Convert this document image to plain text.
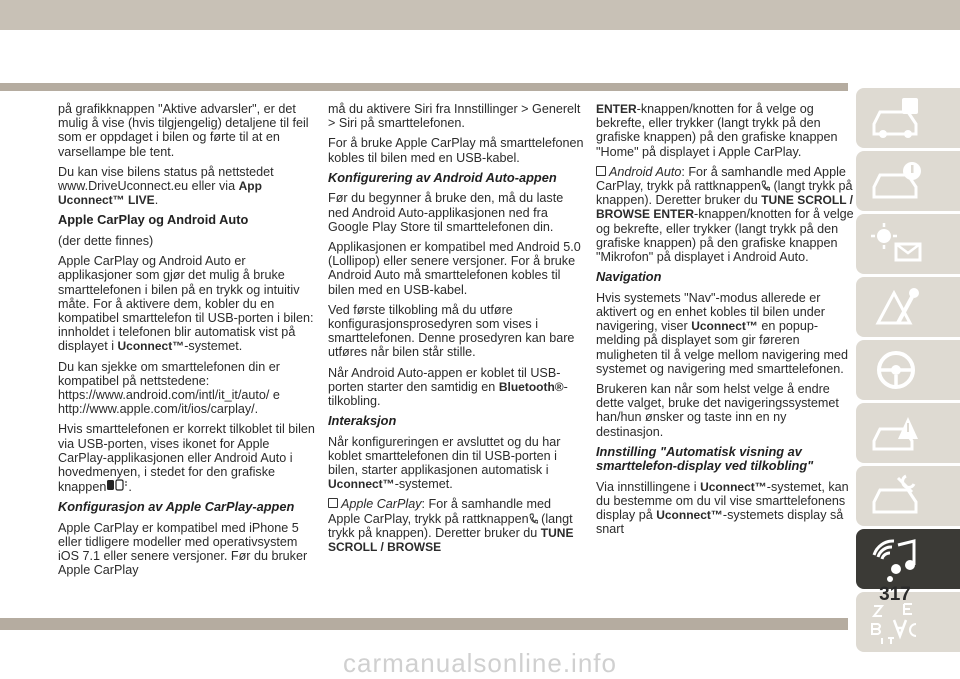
på grafikknappen "Aktive advarsler", er det mulig å vise (hvis tilgjengelig) detaljene til feil som er oppdaget i bilen og førte til at en varsellampe ble tent.

Du kan vise bilens status på nettstedet www.DriveUconnect.eu eller via App Uconnect™ LIVE.

Apple CarPlay og Android Auto

(der dette finnes)

Apple CarPlay og Android Auto er applikasjoner som gjør det mulig å bruke smarttelefonen i bilen på en trykk og intuitiv måte. For å aktivere dem, kobler du en kompatibel smarttelefon til USB-porten i bilen: innholdet i telefonen blir automatisk vist på displayet i Uconnect™-systemet.

Du kan sjekke om smarttelefonen din er kompatibel på nettstedene: https://www.android.com/intl/it_it/auto/ e http://www.apple.com/it/ios/carplay/.

Hvis smarttelefonen er korrekt tilkoblet til bilen via USB-porten, vises ikonet for Apple CarPlay-applikasjonen eller Android Auto i hovedmenyen, i stedet for den grafiske knappen .

Konfigurasjon av Apple CarPlay-appen

Apple CarPlay er kompatibel med iPhone 5 eller tidligere modeller med operativsystem iOS 7.1 eller senere versjoner. Før du bruker Apple CarPlay

må du aktivere Siri fra Innstillinger > Generelt > Siri på smarttelefonen.

For å bruke Apple CarPlay må smarttelefonen kobles til bilen med en USB-kabel.

Konfigurering av Android Auto-appen

Før du begynner å bruke den, må du laste ned Android Auto-applikasjonen ned fra Google Play Store til smarttelefonen din.

Applikasjonen er kompatibel med Android 5.0 (Lollipop) eller senere versjoner. For å bruke Android Auto må smarttelefonen kobles til bilen med en USB-kabel.

Ved første tilkobling må du utføre konfigurasjonsprosedyren som vises i smarttelefonen. Denne prosedyren kan bare utføres når bilen står stille.

Når Android Auto-appen er koblet til USB-porten starter den samtidig en Bluetooth®-tilkobling.

Interaksjon

Når konfigureringen er avsluttet og du har koblet smarttelefonen din til USB-porten i bilen, starter applikasjonen automatisk i Uconnect™-systemet.

Apple CarPlay: For å samhandle med Apple CarPlay, trykk på rattknappen (langt trykk på knappen). Deretter bruker du TUNE SCROLL / BROWSE

ENTER-knappen/knotten for å velge og bekrefte, eller trykker (langt trykk på den grafiske knappen) på den grafiske knappen "Home" på displayet i Apple CarPlay.

Android Auto: For å samhandle med Apple CarPlay, trykk på rattknappen (langt trykk på knappen). Deretter bruker du TUNE SCROLL / BROWSE ENTER-knappen/knotten for å velge og bekrefte, eller trykker (langt trykk på den grafiske knappen) på den grafiske knappen "Mikrofon" på displayet i Android Auto.

Navigation

Hvis systemets "Nav"-modus allerede er aktivert og en enhet kobles til bilen under navigering, viser Uconnect™ en popup-melding på displayet som gir føreren muligheten til å velge mellom navigering med systemet og navigering med smarttelefonen.

Brukeren kan når som helst velge å endre dette valget, bruke det navigeringssystemet han/hun ønsker og taste inn en ny destinasjon.

Innstilling "Automatisk visning av smarttelefon-display ved tilkobling"

Via innstillingene i Uconnect™-systemet, kan du bestemme om du vil vise smarttelefonens display på Uconnect™-systemets display så snart

317
carmanualsonline.info
